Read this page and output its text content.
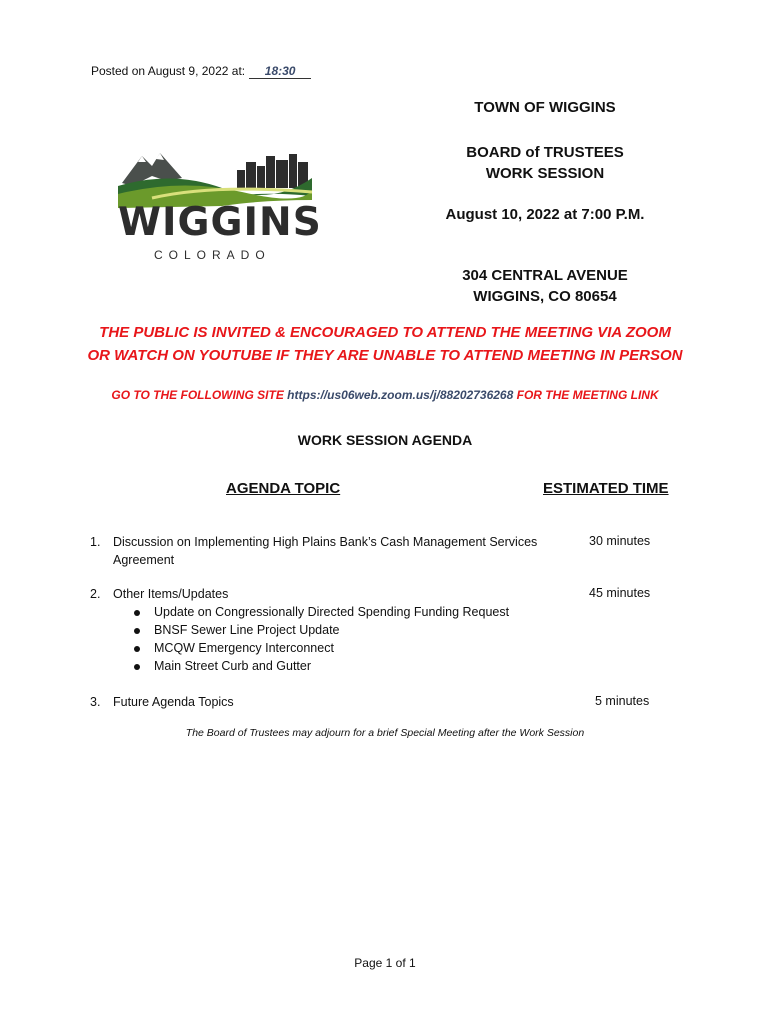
Posted on August 9, 2022 at: 18:30
WIGGINS
COLORADO
TOWN OF WIGGINS
BOARD of TRUSTEES
WORK SESSION
August 10, 2022 at 7:00 P.M.
304 CENTRAL AVENUE
WIGGINS, CO 80654
THE PUBLIC IS INVITED & ENCOURAGED TO ATTEND THE MEETING VIA ZOOM
OR WATCH ON YOUTUBE IF THEY ARE UNABLE TO ATTEND MEETING IN PERSON
GO TO THE FOLLOWING SITE https://us06web.zoom.us/j/88202736268 FOR THE MEETING LINK
WORK SESSION AGENDA
AGENDA TOPIC	ESTIMATED TIME
1.	Discussion on Implementing High Plains Bank’s Cash Management Services
Agreement
30 minutes
2.	Other Items/Updates	45 minutes
Update on Congressionally Directed Spending Funding Request
BNSF Sewer Line Project Update
MCQW Emergency Interconnect
Main Street Curb and Gutter
3.	Future Agenda Topics	5 minutes
The Board of Trustees may adjourn for a brief Special Meeting after the Work Session
Page 1 of 1
